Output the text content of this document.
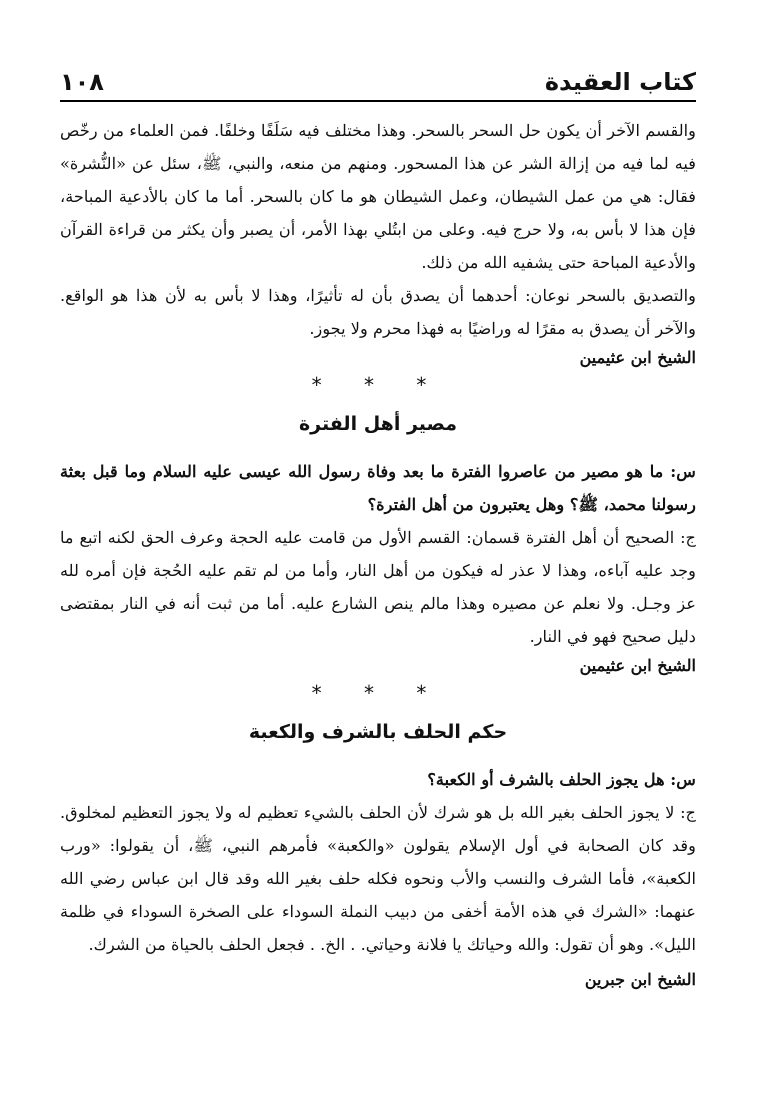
كتاب العقيدة
١٠٨

والقسم الآخر أن يكون حل السحر بالسحر. وهذا مختلف فيه سَلَفًا وخلفًا. فمن العلماء من رخّص فيه لما فيه من إزالة الشر عن هذا المسحور. ومنهم من منعه، والنبي، ﷺ، سئل عن «النُّشرة» فقال: هي من عمل الشيطان، وعمل الشيطان هو ما كان بالسحر. أما ما كان بالأدعية المباحة، فإن هذا لا بأس به، ولا حرج فيه. وعلى من ابتُلي بهذا الأمر، أن يصبر وأن يكثر من قراءة القرآن والأدعية المباحة حتى يشفيه الله من ذلك.

والتصديق بالسحر نوعان: أحدهما أن يصدق بأن له تأثيرًا، وهذا لا بأس به لأن هذا هو الواقع. والآخر أن يصدق به مقرًا له وراضيًا به فهذا محرم ولا يجوز.

الشيخ ابن عثيمين

* * *
مصير أهل الفترة

س: ما هو مصير من عاصروا الفترة ما بعد وفاة رسول الله عيسى عليه السلام وما قبل بعثة رسولنا محمد، ﷺ؟ وهل يعتبرون من أهل الفترة؟

ج: الصحيح أن أهل الفترة قسمان: القسم الأول من قامت عليه الحجة وعرف الحق لكنه اتبع ما وجد عليه آباءه، وهذا لا عذر له فيكون من أهل النار، وأما من لم تقم عليه الحُجة فإن أمره لله عز وجـل. ولا نعلم عن مصيره وهذا مالم ينص الشارع عليه. أما من ثبت أنه في النار بمقتضى دليل صحيح فهو في النار.

الشيخ ابن عثيمين

* * *
حكم الحلف بالشرف والكعبة

س: هل يجوز الحلف بالشرف أو الكعبة؟

ج: لا يجوز الحلف بغير الله بل هو شرك لأن الحلف بالشيء تعظيم له ولا يجوز التعظيم لمخلوق. وقد كان الصحابة في أول الإسلام يقولون «والكعبة» فأمرهم النبي، ﷺ، أن يقولوا: «ورب الكعبة»، فأما الشرف والنسب والأب ونحوه فكله حلف بغير الله وقد قال ابن عباس رضي الله عنهما: «الشرك في هذه الأمة أخفى من دبيب النملة السوداء على الصخرة السوداء في ظلمة الليل». وهو أن تقول: والله وحياتك يا فلانة وحياتي. . الخ. . فجعل الحلف بالحياة من الشرك.

الشيخ ابن جبرين
